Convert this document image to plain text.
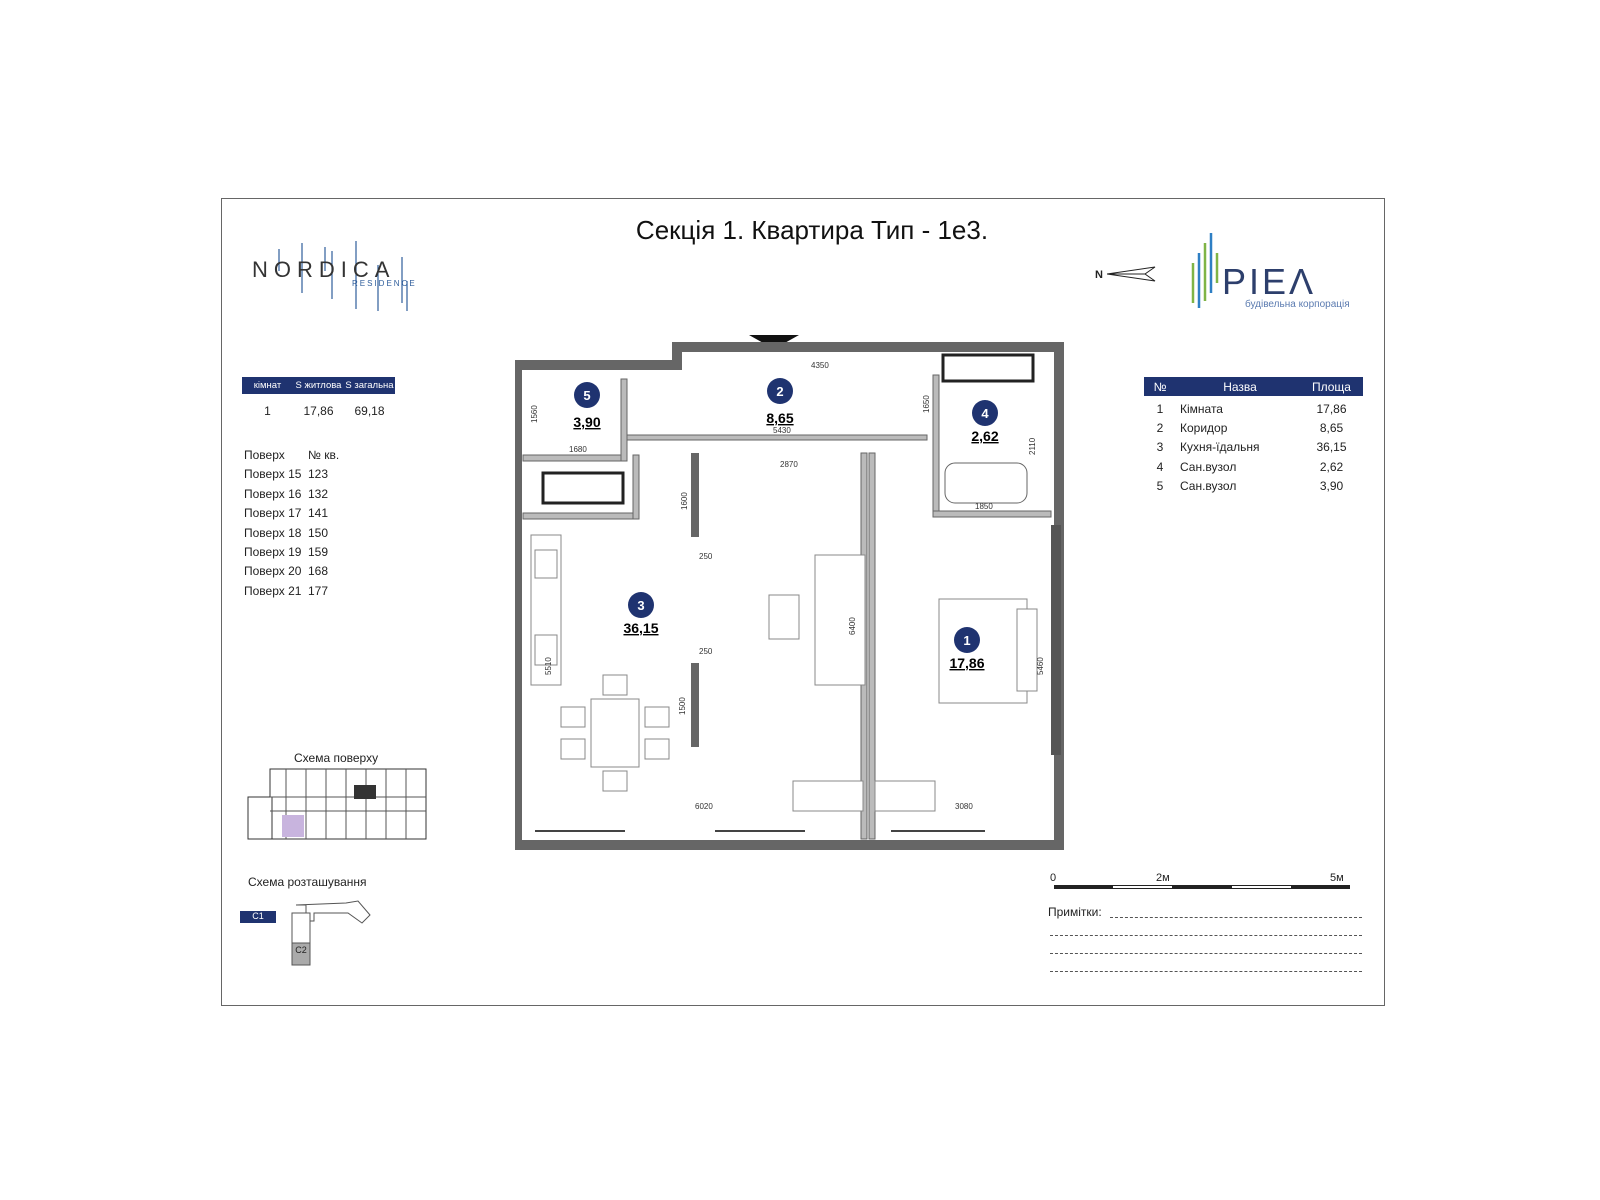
Секція 1. Квартира Тип - 1е3.
NORDICA
RESIDENCE
N	PIEΛ
будівельна корпорація
кімнат	S житлова S загальна
1	17,86	69,18
Поверх	№ кв.
Поверх 15 123
Поверх 16 132
Поверх 17 141
Поверх 18 150
Поверх 19 159
Поверх 20 168
Поверх 21 177
№	Назва	Площа
1	Кімната	17,86
2	Коридор	8,65
3	Кухня-їдальня	36,15
4	Сан.вузол	2,62
5	Сан.вузол	3,90
5
3,90
2
8,65	4
2,62
3
36,15
1
17,86
4350
5430
2870
1680
1560
1650
2110
1850
1600
250
250
1500
5510
6400
5460
6020	3080
Схема поверху
Схема розташування
C1
C2
0	2м	5м
Примітки:
